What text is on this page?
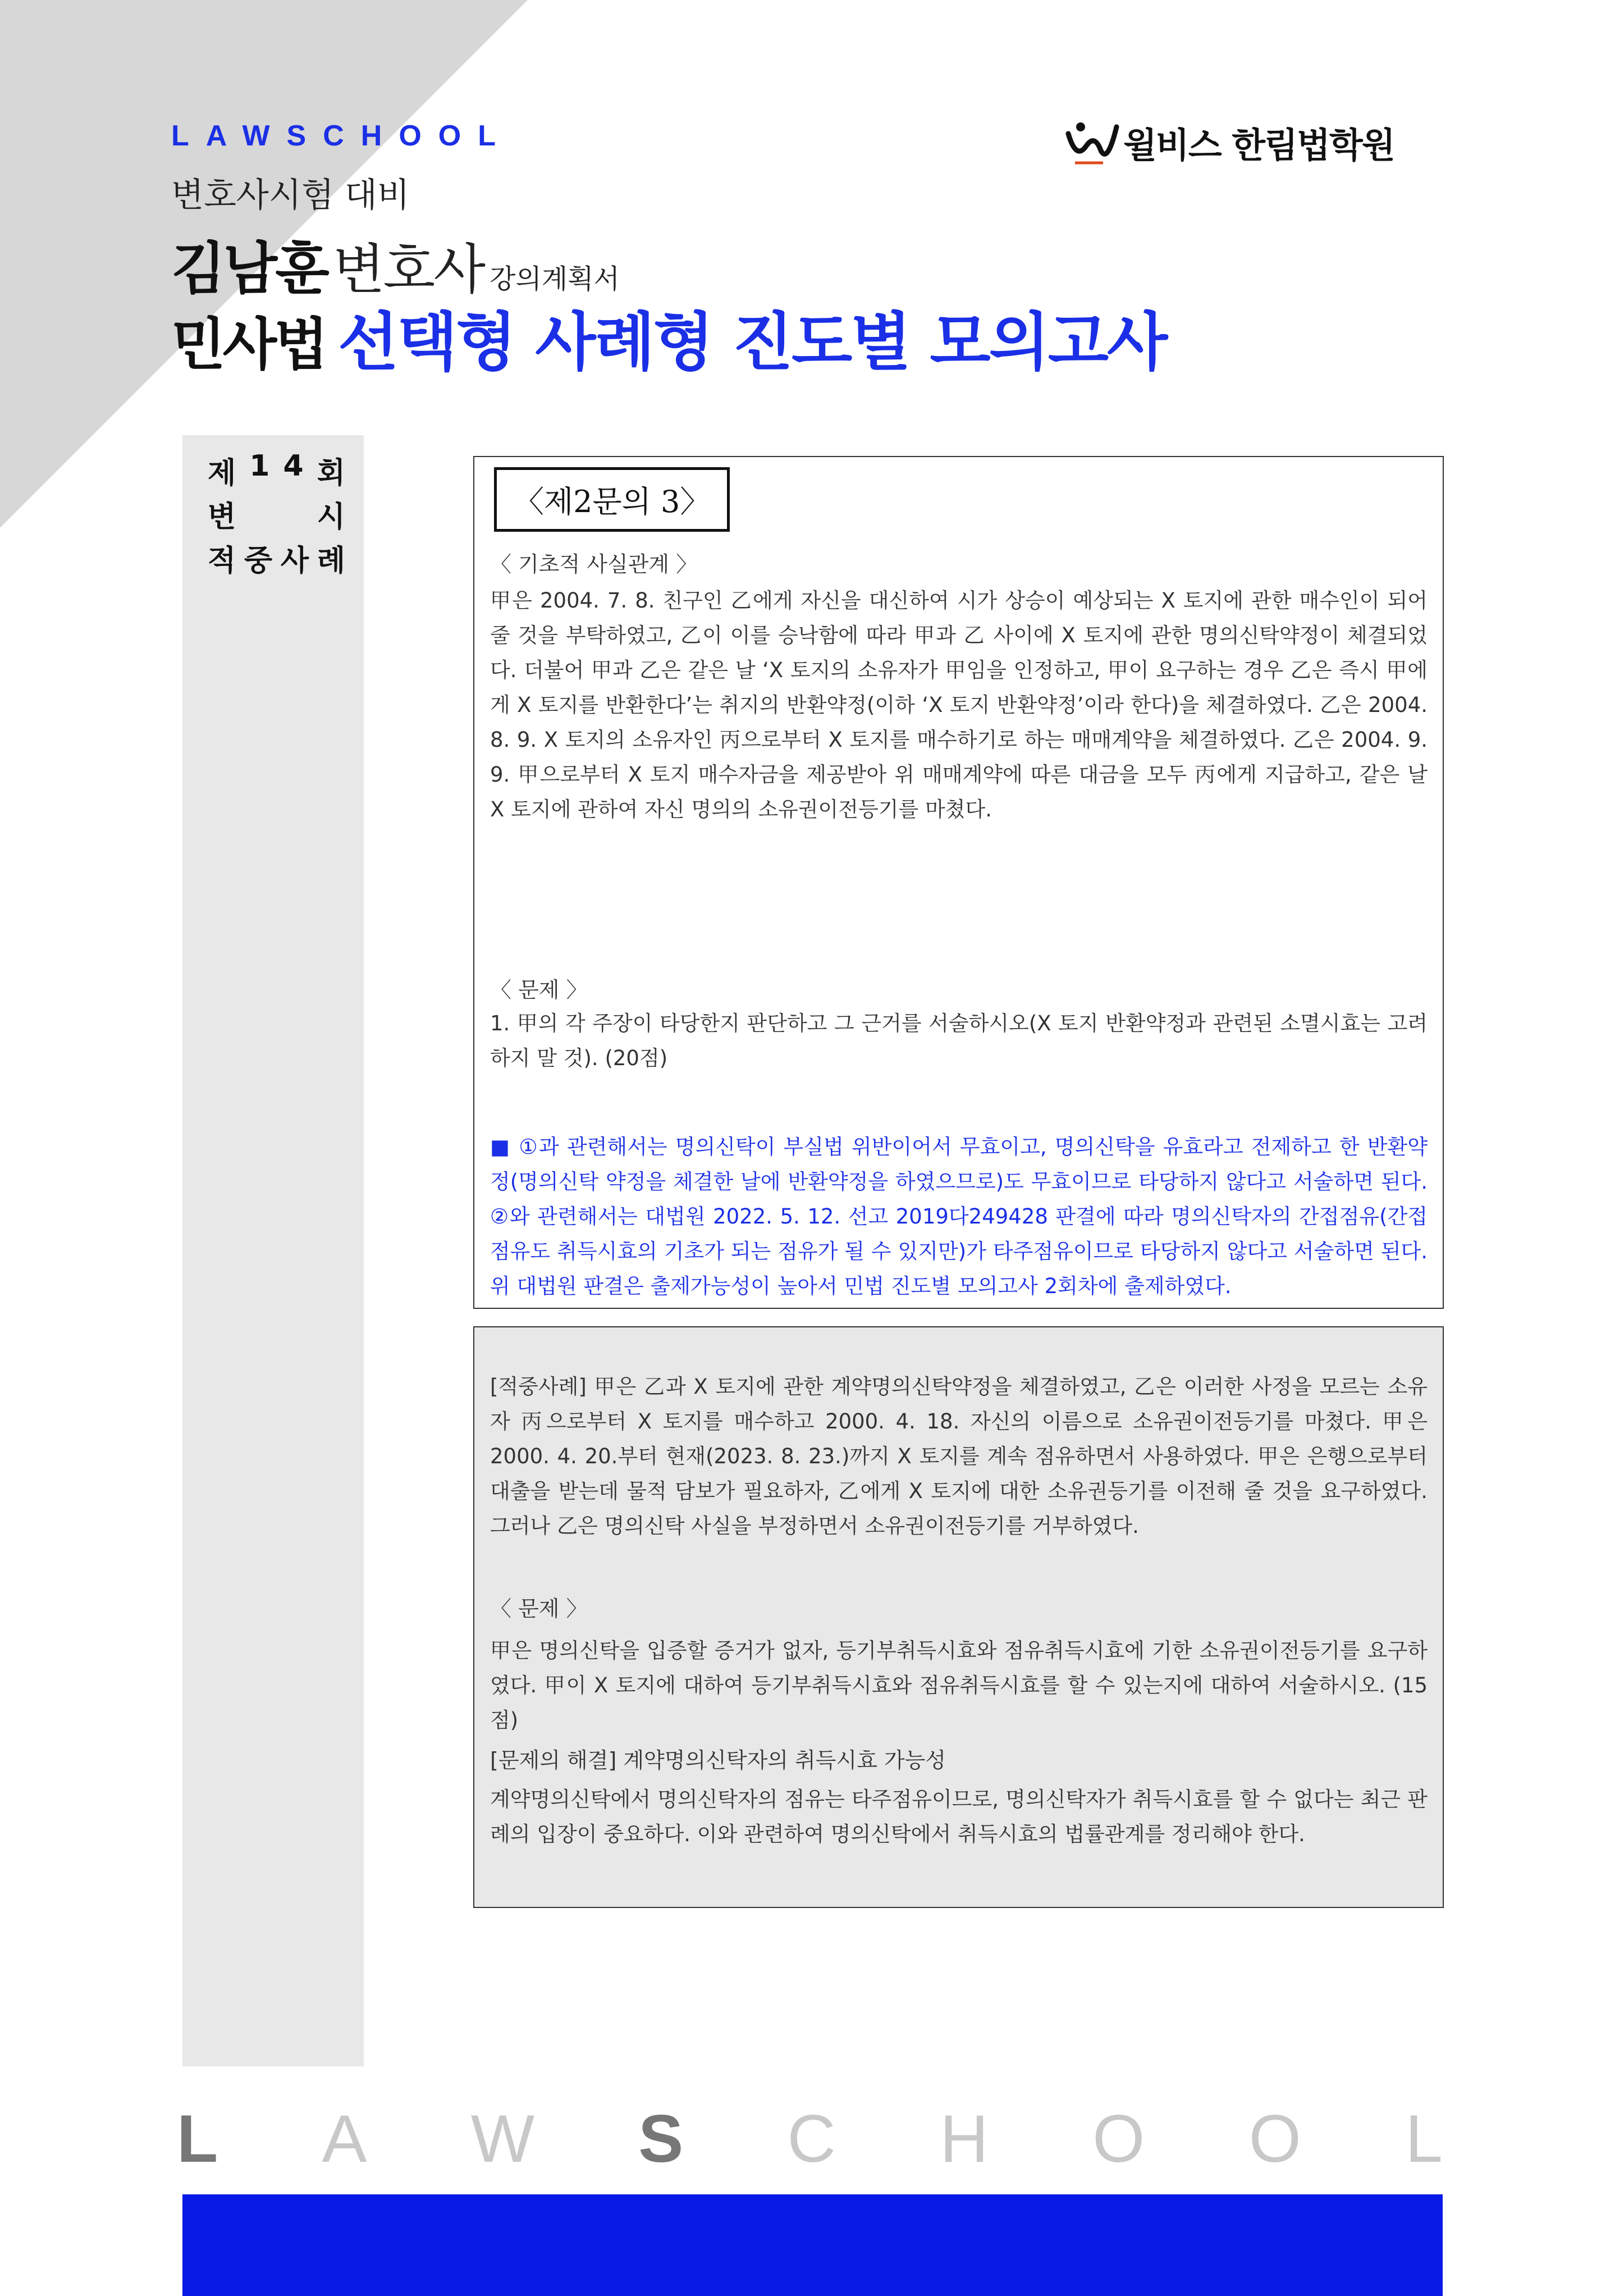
LAWSCHOOL
변호사시험 대비
김남훈 변호사 강의계획서
민사법 선택형 사례형 진도별 모의고사
윌비스 한림법학원
제 1 4 회
변	시
적 중 사 례
〈제2문의 3〉
〈 기초적 사실관계 〉
甲은 2004. 7. 8. 친구인 乙에게 자신을 대신하여 시가 상승이 예상되는 X 토지에 관한 매수인이 되어 줄 것을 부탁하였고, 乙이 이를 승낙함에 따라 甲과 乙 사이에 X 토지에 관한 명의신탁약정이 체결되었다. 더불어 甲과 乙은 같은 날 ‘X 토지의 소유자가 甲임을 인정하고, 甲이 요구하는 경우 乙은 즉시 甲에게 X 토지를 반환한다’는 취지의 반환약정(이하 ‘X 토지 반환약정’이라 한다)을 체결하였다. 乙은 2004. 8. 9. X 토지의 소유자인 丙으로부터 X 토지를 매수하기로 하는 매매계약을 체결하였다. 乙은 2004. 9. 9. 甲으로부터 X 토지 매수자금을 제공받아 위 매매계약에 따른 대금을 모두 丙에게 지급하고, 같은 날 X 토지에 관하여 자신 명의의 소유권이전등기를 마쳤다.
〈 문제 〉
1. 甲의 각 주장이 타당한지 판단하고 그 근거를 서술하시오(X 토지 반환약정과 관련된 소멸시효는 고려하지 말 것). (20점)
■ ①과 관련해서는 명의신탁이 부실법 위반이어서 무효이고, 명의신탁을 유효라고 전제하고 한 반환약정(명의신탁 약정을 체결한 날에 반환약정을 하였으므로)도 무효이므로 타당하지 않다고 서술하면 된다. ②와 관련해서는 대법원 2022. 5. 12. 선고 2019다249428 판결에 따라 명의신탁자의 간접점유(간접점유도 취득시효의 기초가 되는 점유가 될 수 있지만)가 타주점유이므로 타당하지 않다고 서술하면 된다. 위 대법원 판결은 출제가능성이 높아서 민법 진도별 모의고사 2회차에 출제하였다.
[적중사례] 甲은 乙과 X 토지에 관한 계약명의신탁약정을 체결하였고, 乙은 이러한 사정을 모르는 소유자 丙으로부터 X 토지를 매수하고 2000. 4. 18. 자신의 이름으로 소유권이전등기를 마쳤다. 甲은 2000. 4. 20.부터 현재(2023. 8. 23.)까지 X 토지를 계속 점유하면서 사용하였다. 甲은 은행으로부터 대출을 받는데 물적 담보가 필요하자, 乙에게 X 토지에 대한 소유권등기를 이전해 줄 것을 요구하였다. 그러나 乙은 명의신탁 사실을 부정하면서 소유권이전등기를 거부하였다.
〈 문제 〉
甲은 명의신탁을 입증할 증거가 없자, 등기부취득시효와 점유취득시효에 기한 소유권이전등기를 요구하였다. 甲이 X 토지에 대하여 등기부취득시효와 점유취득시효를 할 수 있는지에 대하여 서술하시오. (15점)
[문제의 해결] 계약명의신탁자의 취득시효 가능성
계약명의신탁에서 명의신탁자의 점유는 타주점유이므로, 명의신탁자가 취득시효를 할 수 없다는 최근 판례의 입장이 중요하다. 이와 관련하여 명의신탁에서 취득시효의 법률관계를 정리해야 한다.
L A W S C H O O L
